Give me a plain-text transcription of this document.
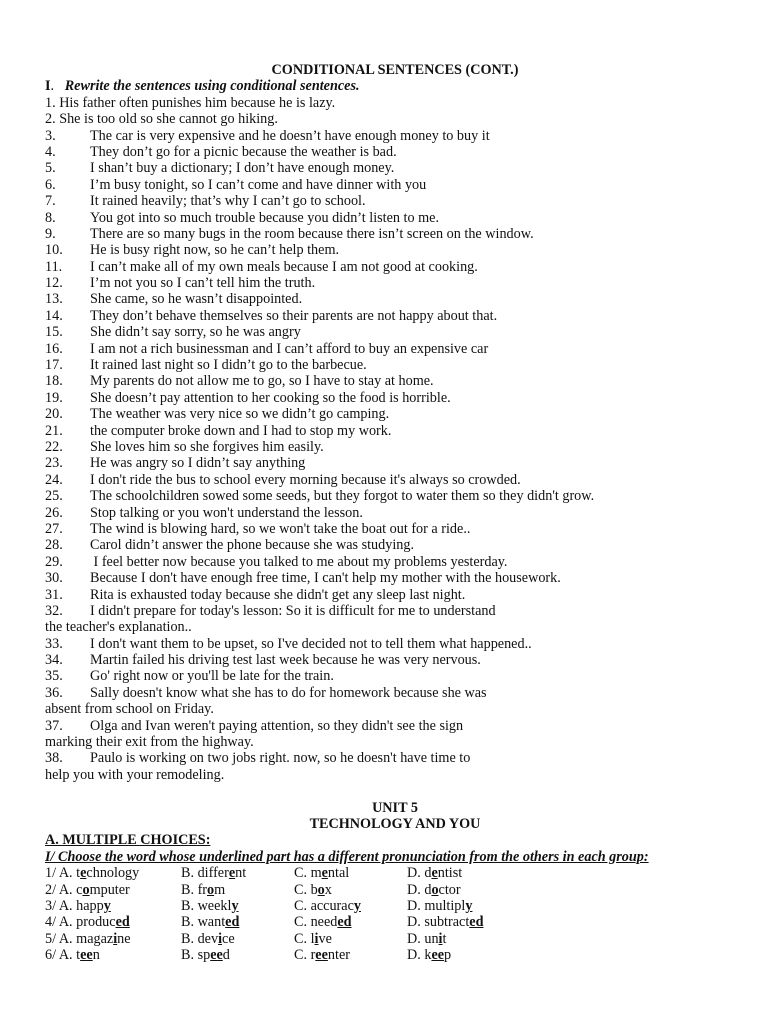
CONDITIONAL SENTENCES (CONT.)
I.   Rewrite the sentences using conditional sentences.
1. His father often punishes him because he is lazy.
2. She is too old so she cannot go hiking.
3. The car is very expensive and he doesn’t have enough money to buy it
4. They don’t go for a picnic because the weather is bad.
5. I shan’t buy a dictionary; I don’t have enough money.
6. I’m busy tonight, so I can’t come and have dinner with you
7. It rained heavily; that’s why I can’t go to school.
8. You got into so much trouble because you didn’t listen to me.
9. There are so many bugs in the room because there isn’t screen on the window.
10. He is busy right now, so he can’t help them.
11. I can’t make all of my own meals because I am not good at cooking.
12. I’m not you so I can’t tell him the truth.
13. She came, so he wasn’t disappointed.
14. They don’t behave themselves so their parents are not happy about that.
15. She didn’t say sorry, so he was angry
16. I am not a rich businessman and I can’t afford to buy an expensive car
17. It rained last night so I didn’t go to the barbecue.
18. My parents do not allow me to go, so I have to stay at home.
19. She doesn’t pay attention to her cooking so the food is horrible.
20. The weather was very nice so we didn’t go camping.
21. the computer broke down and I had to stop my work.
22. She loves him so she forgives him easily.
23. He was angry so I didn’t say anything
24. I don't ride the bus to school every morning because it's always so crowded.
25. The schoolchildren sowed some seeds, but they forgot to water them so they didn't grow.
26. Stop talking or you won't understand the lesson.
27. The wind is blowing hard, so we won't take the boat out for a ride..
28. Carol didn’t answer the phone because she was studying.
29. I feel better now because you talked to me about my problems yesterday.
30. Because I don't have enough free time, I can't help my mother with the housework.
31. Rita is exhausted today because she didn't get any sleep last night.
32. I didn't prepare for today's lesson: So it is difficult for me to understand
the teacher's explanation..
33. I don't want them to be upset, so I've decided not to tell them what happened..
34. Martin failed his driving test last week because he was very nervous.
35. Go' right now or you'll be late for the train.
36. Sally doesn't know what she has to do for homework because she was
absent from school on Friday.
37. Olga and Ivan weren't paying attention, so they didn't see the sign
marking their exit from the highway.
38. Paulo is working on two jobs right. now, so he doesn't have time to
help you with your remodeling.
UNIT 5
TECHNOLOGY AND YOU
A. MULTIPLE CHOICES:
I/ Choose the word whose underlined part has a different pronunciation from the others in each group:
1/ A. technology	B. different	C. mental	D. dentist
2/ A. computer	B. from	C. box	D. doctor
3/ A. happy	B. weekly	C. accuracy	D. multiply
4/ A. produced	B. wanted	C. needed	D. subtracted
5/ A. magazine	B. device	C. live	D. unit
6/ A. teen	B. speed	C. reenter	D. keep
